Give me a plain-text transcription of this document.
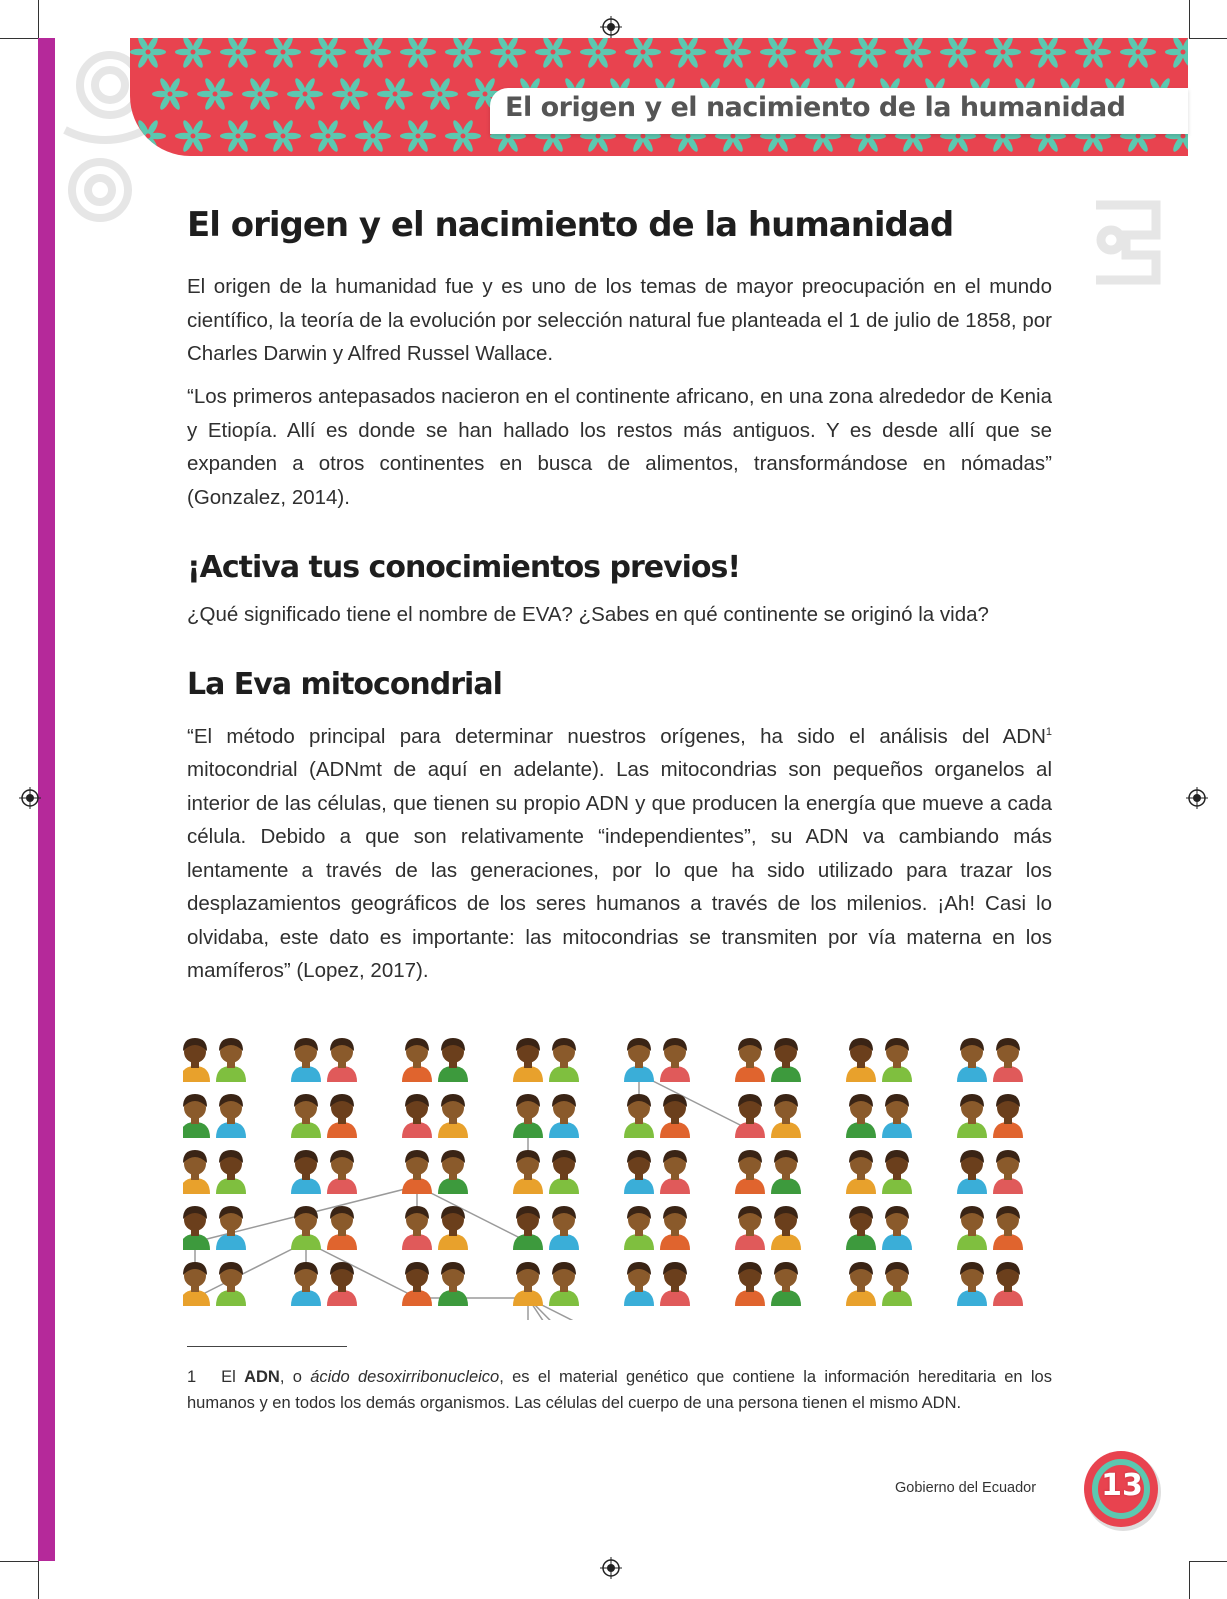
El origen y el nacimiento de la humanidad
El origen y el nacimiento de la humanidad

El origen de la humanidad fue y es uno de los temas de mayor preocupación en el mundo científico, la teoría de la evolución por selección natural fue planteada el 1 de julio de 1858, por Charles Darwin y Alfred Russel Wallace.

“Los primeros antepasados nacieron en el continente africano, en una zona alrededor de Kenia y Etiopía. Allí es donde se han hallado los restos más antiguos. Y es desde allí que se expanden a otros continentes en busca de alimentos, transformándose en nómadas” (Gonzalez, 2014).

¡Activa tus conocimientos previos!

¿Qué significado tiene el nombre de EVA? ¿Sabes en qué continente se originó la vida?

La Eva mitocondrial

“El método principal para determinar nuestros orígenes, ha sido el análisis del ADN$^1$ mitocondrial (ADNmt de aquí en adelante). Las mitocondrias son pequeños organelos al interior de las células, que tienen su propio ADN y que producen la energía que mueve a cada célula. Debido a que son relativamente “independientes”, su ADN va cambiando más lentamente a través de las generaciones, por lo que ha sido utilizado para trazar los desplazamientos geográficos de los seres humanos a través de los milenios. ¡Ah! Casi lo olvidaba, este dato es importante: las mitocondrias se transmiten por vía materna en los mamíferos” (Lopez, 2017).

1 El ADN, o ácido desoxirribonucleico, es el material genético que contiene la información hereditaria en los humanos y en todos los demás organismos. Las células del cuerpo de una persona tienen el mismo ADN.

Gobierno del Ecuador	13
